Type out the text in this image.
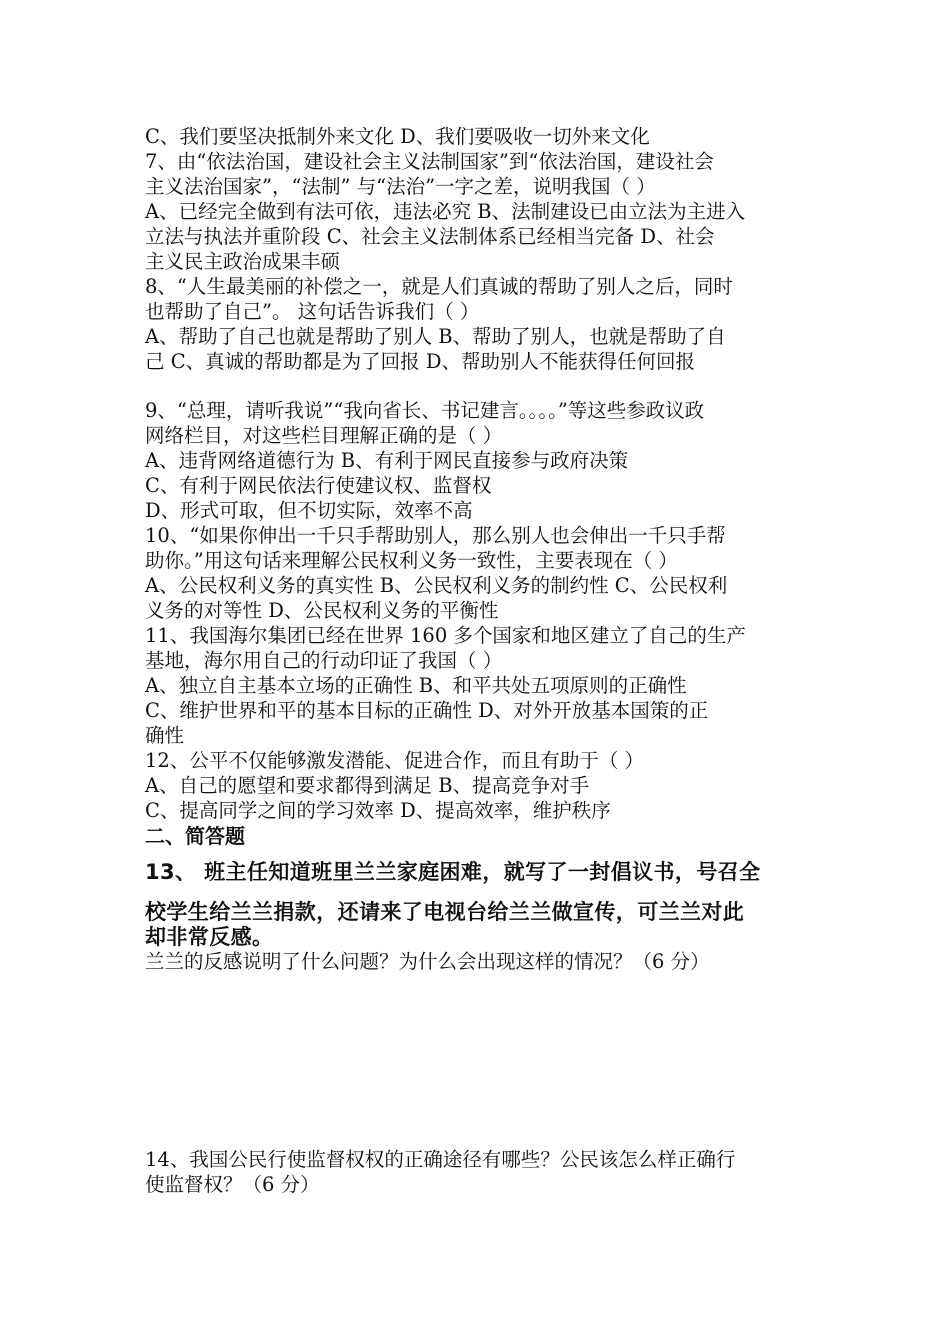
C、我们要坚决抵制外来文化 D、我们要吸收一切外来文化
7、由“依法治国，建设社会主义法制国家”到“依法治国，建设社会
主义法治国家”，“法制” 与“法治”一字之差，说明我国（ ）
A、已经完全做到有法可依，违法必究 B、法制建设已由立法为主进入
立法与执法并重阶段 C、社会主义法制体系已经相当完备 D、社会
主义民主政治成果丰硕
8、“人生最美丽的补偿之一，就是人们真诚的帮助了别人之后，同时
也帮助了自己”。 这句话告诉我们（ ）
A、帮助了自己也就是帮助了别人 B、帮助了别人，也就是帮助了自
己 C、真诚的帮助都是为了回报 D、帮助别人不能获得任何回报
9、“总理，请听我说”“我向省长、书记建言。。。。”等这些参政议政
网络栏目，对这些栏目理解正确的是（ ）
A、违背网络道德行为 B、有利于网民直接参与政府决策
C、有利于网民依法行使建议权、监督权
D、形式可取，但不切实际，效率不高
10、“如果你伸出一千只手帮助别人，那么别人也会伸出一千只手帮
助你。”用这句话来理解公民权利义务一致性，主要表现在（ ）
A、公民权利义务的真实性 B、公民权利义务的制约性 C、公民权利
义务的对等性 D、公民权利义务的平衡性
11、我国海尔集团已经在世界 160 多个国家和地区建立了自己的生产
基地，海尔用自己的行动印证了我国（ ）
A、独立自主基本立场的正确性 B、和平共处五项原则的正确性
C、维护世界和平的基本目标的正确性 D、对外开放基本国策的正
确性
12、公平不仅能够激发潜能、促进合作，而且有助于（ ）
A、自己的愿望和要求都得到满足 B、提高竞争对手
C、提高同学之间的学习效率 D、提高效率，维护秩序
二、简答题
13、 班主任知道班里兰兰家庭困难，就写了一封倡议书，号召全
校学生给兰兰捐款，还请来了电视台给兰兰做宣传，可兰兰对此
却非常反感。
兰兰的反感说明了什么问题？为什么会出现这样的情况？（6 分）
14、我国公民行使监督权权的正确途径有哪些？公民该怎么样正确行
使监督权？（6 分）
